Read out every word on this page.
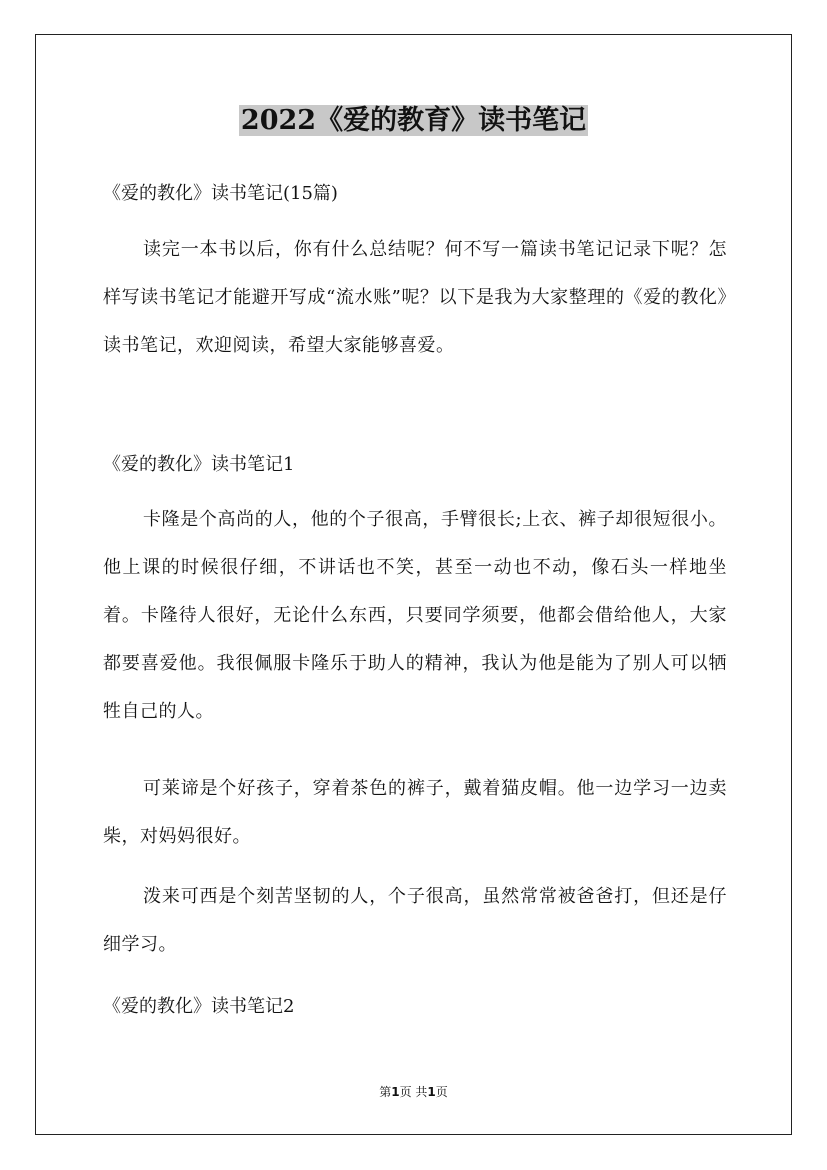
2022《爱的教育》读书笔记
《爱的教化》读书笔记(15篇)
读完一本书以后，你有什么总结呢？何不写一篇读书笔记记录下呢？怎样写读书笔记才能避开写成“流水账”呢？以下是我为大家整理的《爱的教化》读书笔记，欢迎阅读，希望大家能够喜爱。
《爱的教化》读书笔记1
卡隆是个高尚的人，他的个子很高，手臂很长;上衣、裤子却很短很小。他上课的时候很仔细，不讲话也不笑，甚至一动也不动，像石头一样地坐着。卡隆待人很好，无论什么东西，只要同学须要，他都会借给他人，大家都要喜爱他。我很佩服卡隆乐于助人的精神，我认为他是能为了别人可以牺牲自己的人。
可莱谛是个好孩子，穿着茶色的裤子，戴着猫皮帽。他一边学习一边卖柴，对妈妈很好。
泼来可西是个刻苦坚韧的人，个子很高，虽然常常被爸爸打，但还是仔细学习。
《爱的教化》读书笔记2
第1页 共1页
